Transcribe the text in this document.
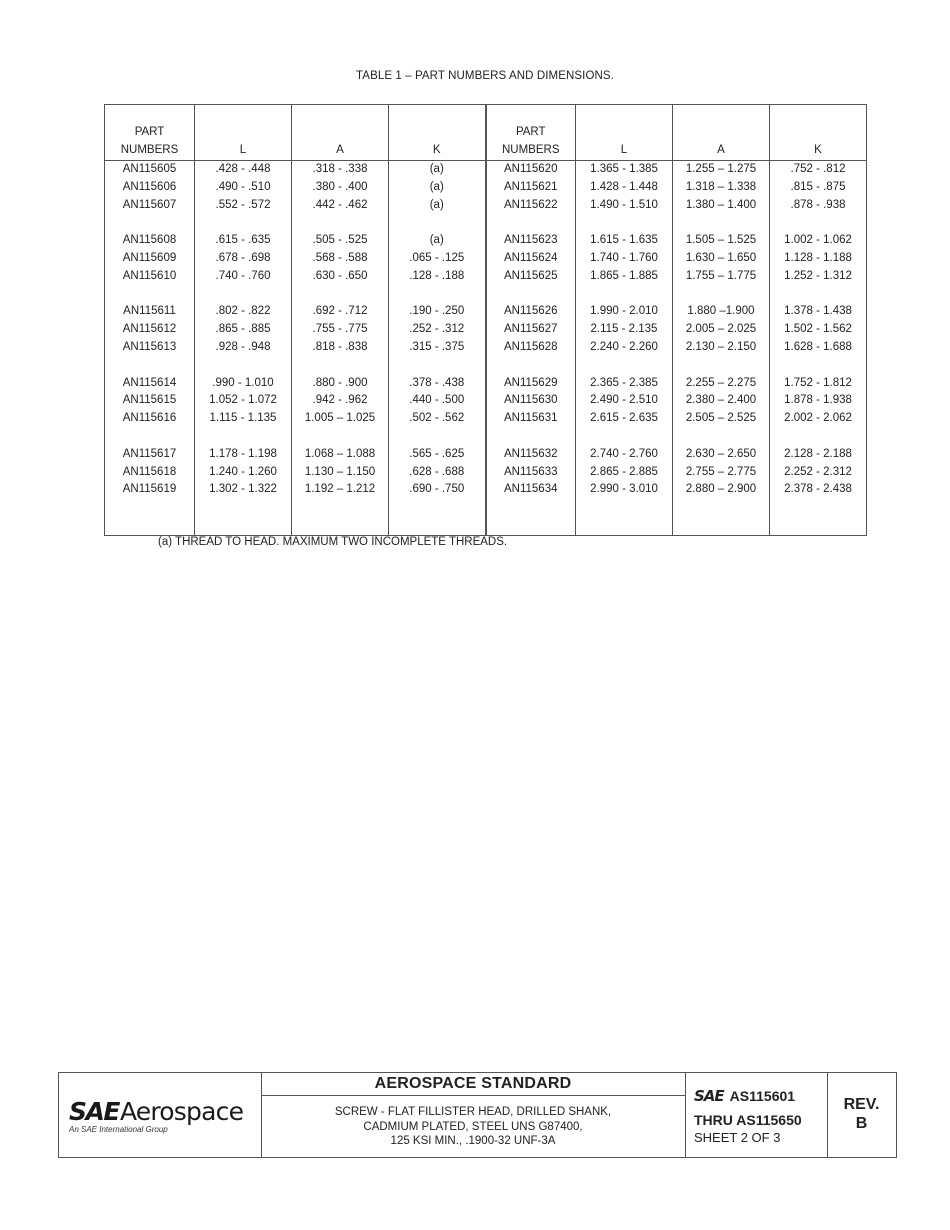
TABLE 1 – PART NUMBERS AND DIMENSIONS.
PART
NUMBERS	L	A	K	PART
NUMBERS	L	A	K
AN115605	.428 - .448	.318 - .338	(a)	AN115620	1.365 - 1.385	1.255 – 1.275	.752 - .812
AN115606	.490 - .510	.380 - .400	(a)	AN115621	1.428 - 1.448	1.318 – 1.338	.815 - .875
AN115607	.552 - .572	.442 - .462	(a)	AN115622	1.490 - 1.510	1.380 – 1.400	.878 - .938

AN115608	.615 - .635	.505 - .525	(a)	AN115623	1.615 - 1.635	1.505 – 1.525	1.002 - 1.062
AN115609	.678 - .698	.568 - .588	.065 - .125	AN115624	1.740 - 1.760	1.630 – 1.650	1.128 - 1.188
AN115610	.740 - .760	.630 - .650	.128 - .188	AN115625	1.865 - 1.885	1.755 – 1.775	1.252 - 1.312

AN115611	.802 - .822	.692 - .712	.190 - .250	AN115626	1.990 - 2.010	1.880 –1.900	1.378 - 1.438
AN115612	.865 - .885	.755 - .775	.252 - .312	AN115627	2.115 - 2.135	2.005 – 2.025	1.502 - 1.562
AN115613	.928 - .948	.818 - .838	.315 - .375	AN115628	2.240 - 2.260	2.130 – 2.150	1.628 - 1.688

AN115614	.990 - 1.010	.880 - .900	.378 - .438	AN115629	2.365 - 2.385	2.255 – 2.275	1.752 - 1.812
AN115615	1.052 - 1.072	.942 - .962	.440 - .500	AN115630	2.490 - 2.510	2.380 – 2.400	1.878 - 1.938
AN115616	1.115 - 1.135	1.005 – 1.025	.502 - .562	AN115631	2.615 - 2.635	2.505 – 2.525	2.002 - 2.062

AN115617	1.178 - 1.198	1.068 – 1.088	.565 - .625	AN115632	2.740 - 2.760	2.630 – 2.650	2.128 - 2.188
AN115618	1.240 - 1.260	1.130 – 1.150	.628 - .688	AN115633	2.865 - 2.885	2.755 – 2.775	2.252 - 2.312
AN115619	1.302 - 1.322	1.192 – 1.212	.690 - .750	AN115634	2.990 - 3.010	2.880 – 2.900	2.378 - 2.438

(a) THREAD TO HEAD. MAXIMUM TWO INCOMPLETE THREADS.
SAEAerospace
An SAE International Group
AEROSPACE STANDARD
SCREW - FLAT FILLISTER HEAD, DRILLED SHANK,
CADMIUM PLATED, STEEL UNS G87400,
125 KSI MIN., .1900-32 UNF-3A
SAE AS115601
THRU AS115650
SHEET 2 OF 3
REV.
B
